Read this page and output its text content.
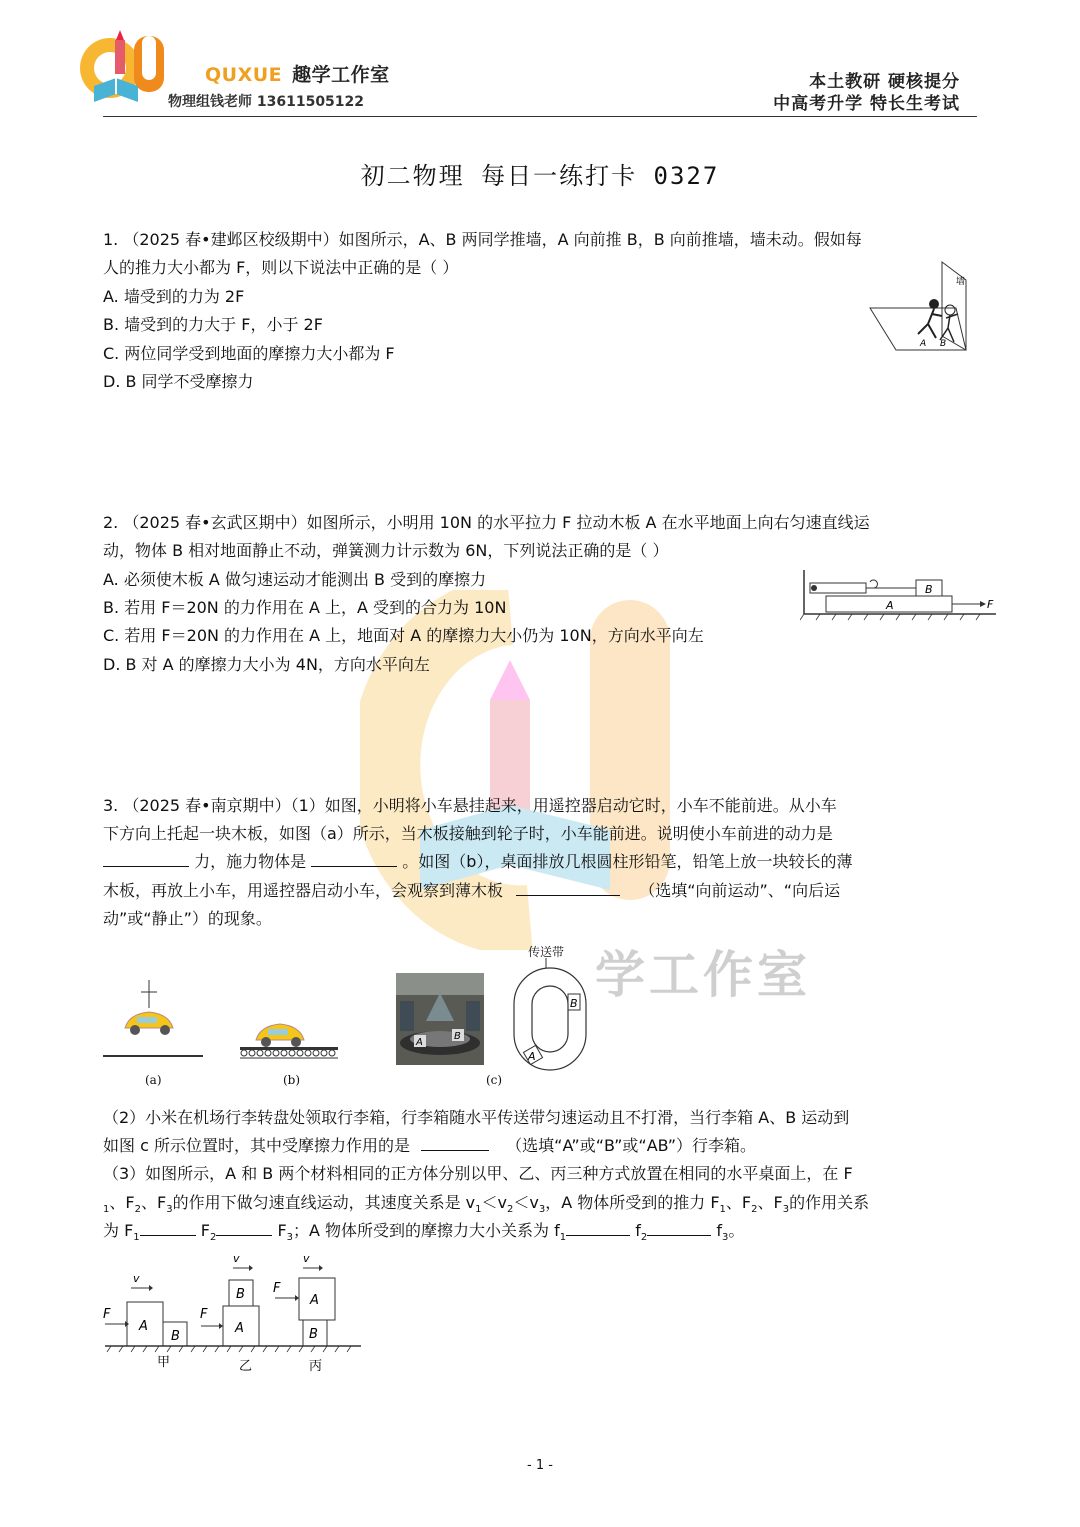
QUXUE 趣学工作室
物理组钱老师 13611505122
本土教研 硬核提分
中高考升学 特长生考试
学工作室
初二物理 每日一练打卡 0327
1. （2025 春•建邺区校级期中）如图所示，A、B 两同学推墙，A 向前推 B，B 向前推墙，墙未动。假如每
人的推力大小都为 F，则以下说法中正确的是（ ）
A. 墙受到的力为 2F
B. 墙受到的力大于 F，小于 2F
C. 两位同学受到地面的摩擦力大小都为 F
D. B 同学不受摩擦力
墙
A B
2. （2025 春•玄武区期中）如图所示，小明用 10N 的水平拉力 F 拉动木板 A 在水平地面上向右匀速直线运
动，物体 B 相对地面静止不动，弹簧测力计示数为 6N，下列说法正确的是（ ）
A. 必须使木板 A 做匀速运动才能测出 B 受到的摩擦力
B. 若用 F＝20N 的力作用在 A 上，A 受到的合力为 10N
C. 若用 F＝20N 的力作用在 A 上，地面对 A 的摩擦力大小仍为 10N，方向水平向左
D. B 对 A 的摩擦力大小为 4N，方向水平向左
B
A	F
3. （2025 春•南京期中）（1）如图，小明将小车悬挂起来，用遥控器启动它时，小车不能前进。从小车
下方向上托起一块木板，如图（a）所示，当木板接触到轮子时，小车能前进。说明使小车前进的动力是
力，施力物体是	。如图（b），桌面排放几根圆柱形铅笔，铅笔上放一块较长的薄
木板，再放上小车，用遥控器启动小车，会观察到薄木板	（选填“向前运动”、“向后运
动”或“静止”）的现象。
(a)	(b)
A
B
(c)
传送带
B
A
（2）小米在机场行李转盘处领取行李箱，行李箱随水平传送带匀速运动且不打滑，当行李箱 A、B 运动到
如图 c 所示位置时，其中受摩擦力作用的是	（选填“A”或“B”或“AB”）行李箱。
（3）如图所示，A 和 B 两个材料相同的正方体分别以甲、乙、丙三种方式放置在相同的水平桌面上，在 F
$_1$、$F_2$、$F_3$的作用下做匀速直线运动，其速度关系是 $v_1<v_2<v_3$，A 物体所受到的推力 $F_1$、$F_2$、$F_3$的作用关系
为 $F_1$	$F_2$	$F_3$；A 物体所受到的摩擦力大小关系为 $f_1$	$f_2$	$f_3$。
A
B
F
v
甲
A
B
F
v
乙
A
B
F
v
丙
- 1 -
